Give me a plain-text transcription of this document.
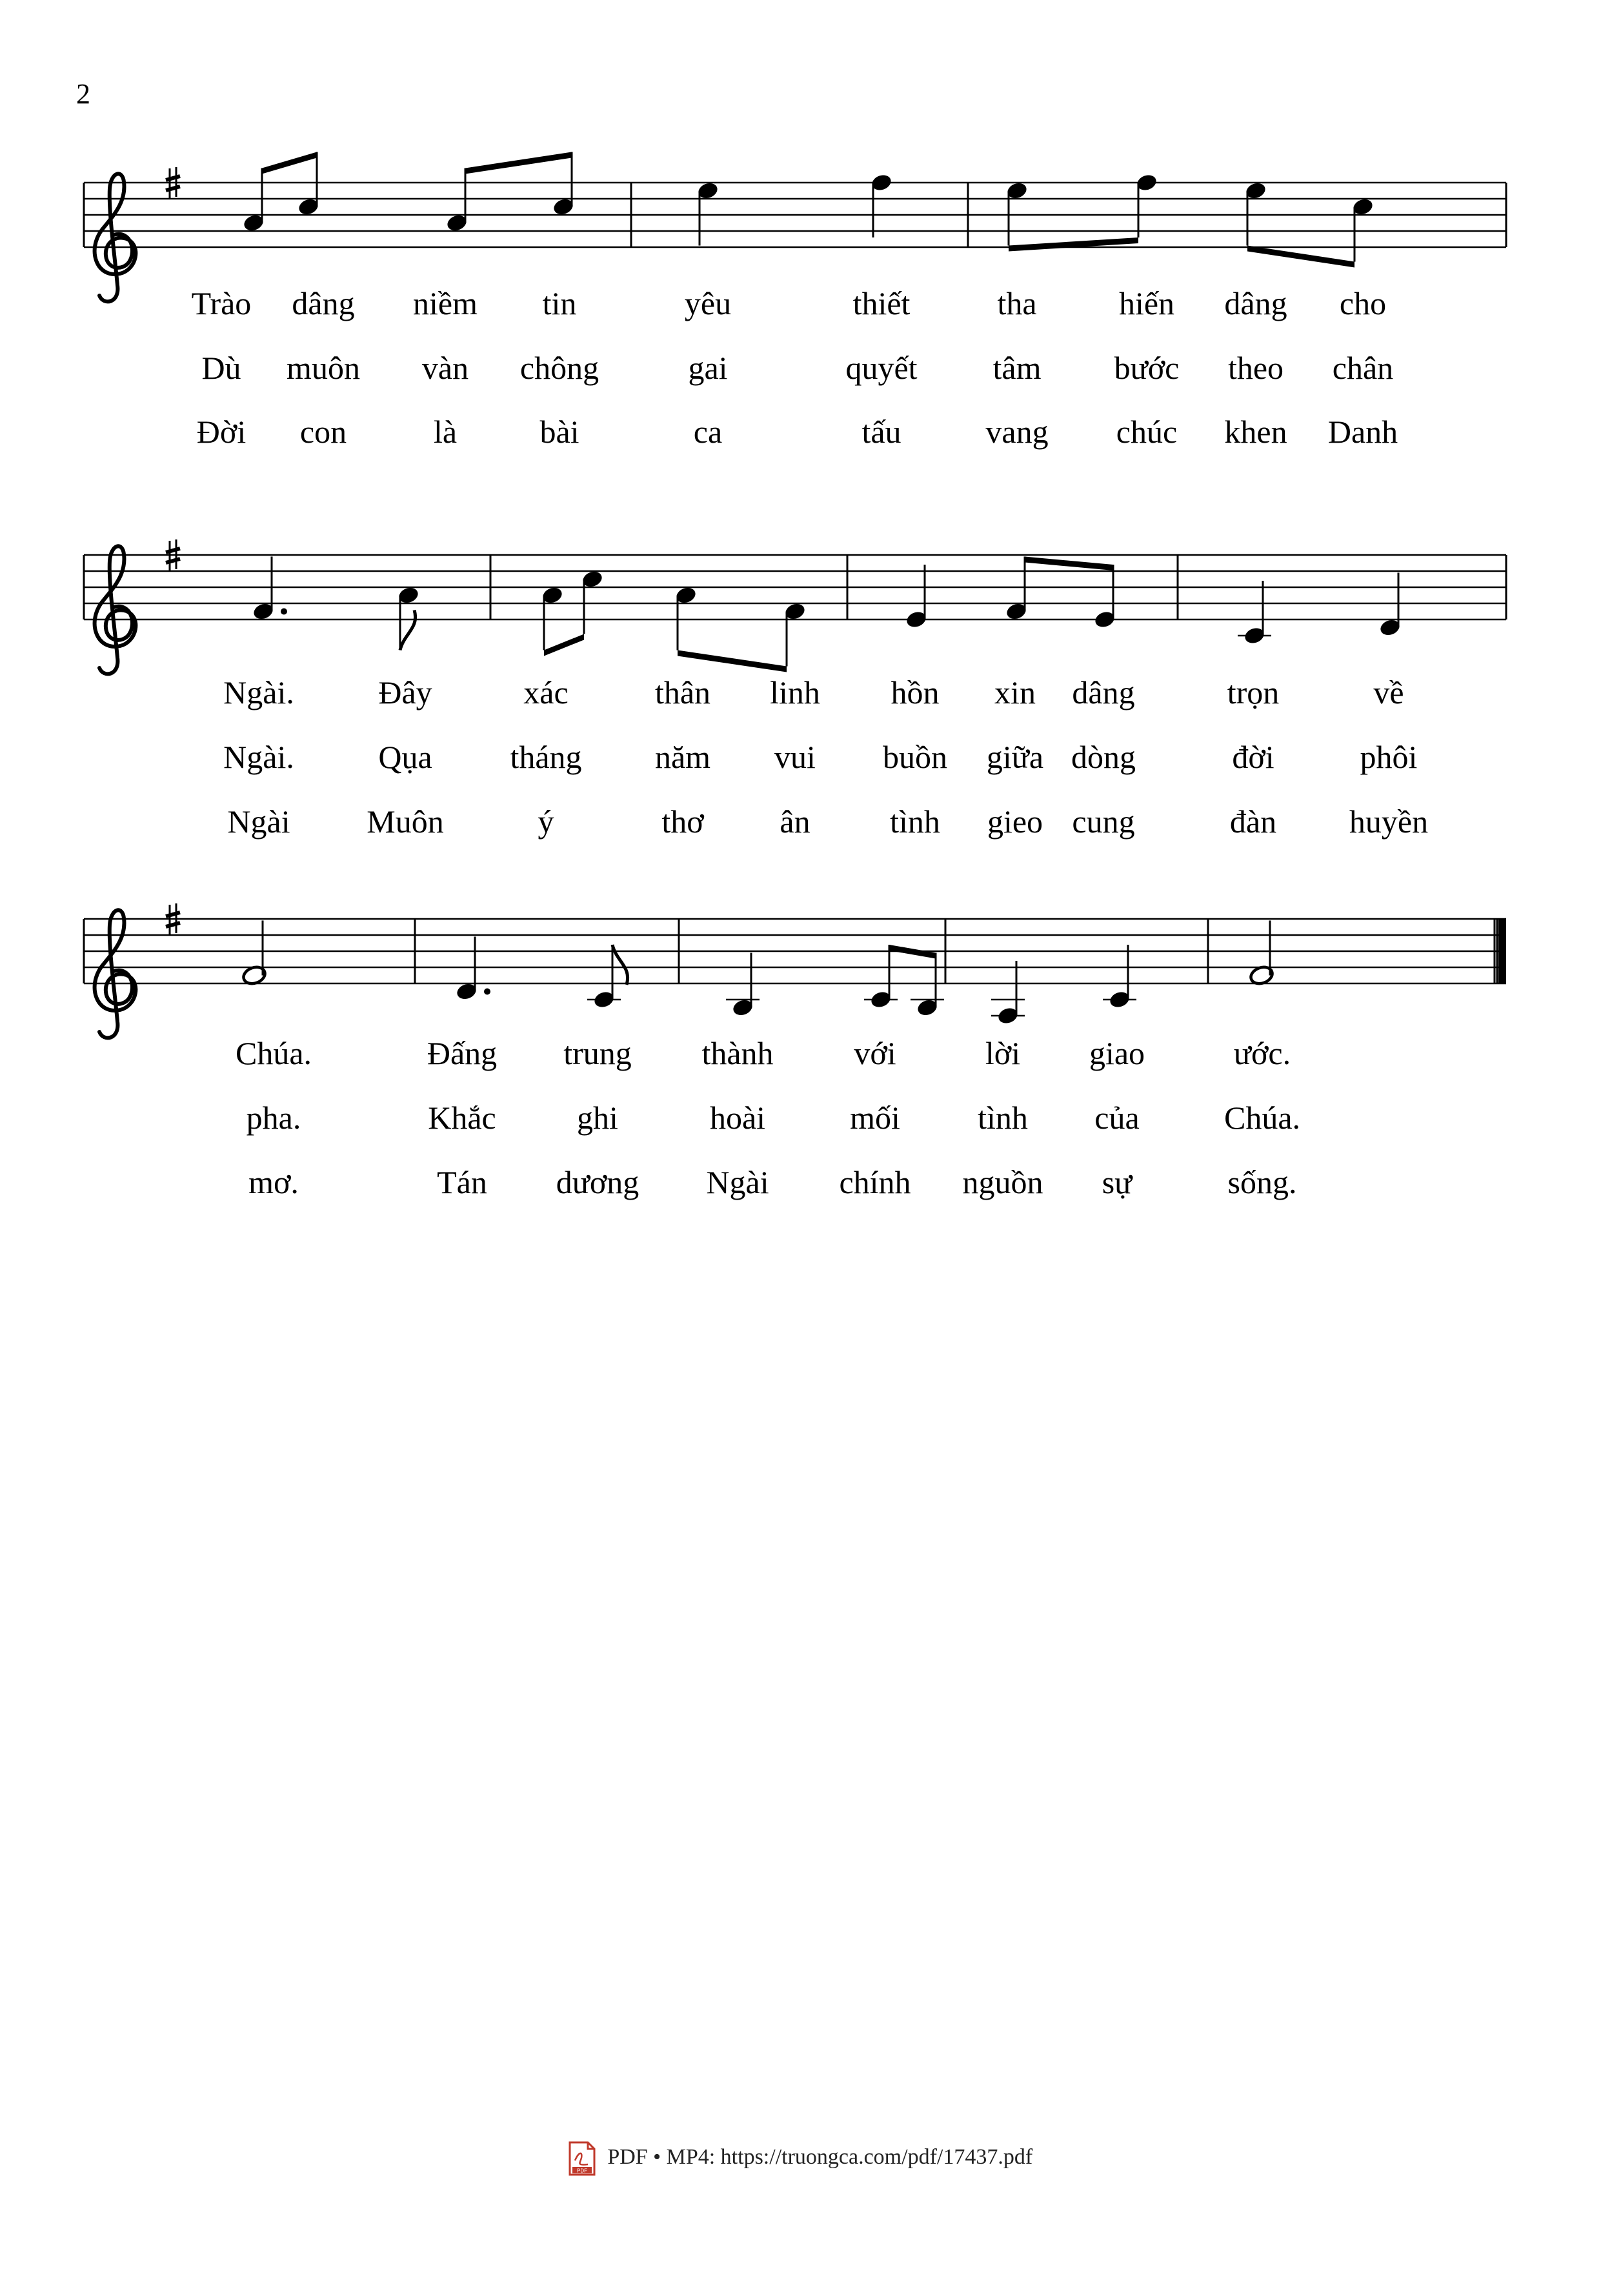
2
Trào dâng niềm tin	yêu	thiết	tha	hiến dâng cho
Dù muôn vàn chông	gai	quyết tâm bước theo chân
Đời con	là	bài	ca	tấu	vang chúc khen Danh
Ngài.	Đây	xác	thân linh hồn xin dâng	trọn	về
Ngài.	Qụa tháng năm vui buồn giữa dòng	đời	phôi
Ngài Muôn	ý	thơ ân tình gieo cung	đàn huyền
Chúa.	Đấng trung thành với	lời giao	ước.
pha.	Khắc	ghi	hoài	mối tình của	Chúa.
mơ.	Tán dương Ngài chính nguồn sự	sống.
PDF
PDF • MP4: https://truongca.com/pdf/17437.pdf
